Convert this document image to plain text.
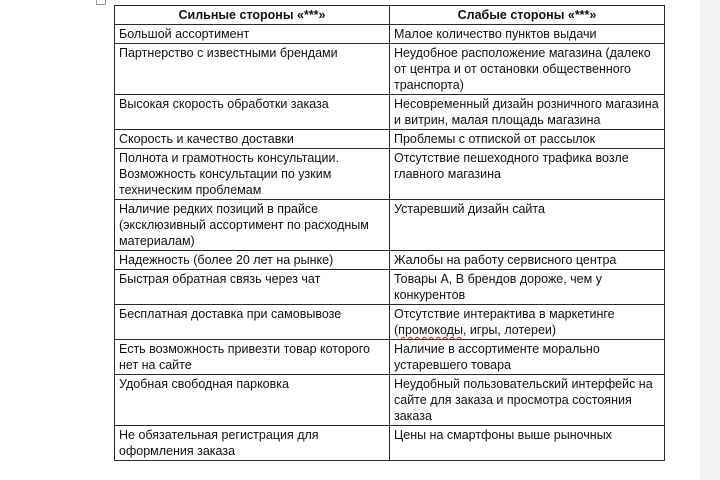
Сильные стороны «***»	Слабые стороны «***»
Большой ассортимент	Малое количество пунктов выдачи
Партнерство с известными брендами	Неудобное расположение магазина (далеко от центра и от остановки общественного транспорта)
Высокая скорость обработки заказа	Несовременный дизайн розничного магазина и витрин, малая площадь магазина
Скорость и качество доставки	Проблемы с отпиской от рассылок
Полнота и грамотность консультации. Возможность консультации по узким техническим проблемам	Отсутствие пешеходного трафика возле главного магазина
Наличие редких позиций в прайсе (эксклюзивный ассортимент по расходным материалам)	Устаревший дизайн сайта
Надежность (более 20 лет на рынке)	Жалобы на работу сервисного центра
Быстрая обратная связь через чат	Товары А, В брендов дороже, чем у конкурентов
Бесплатная доставка при самовывозе	Отсутствие интерактива в маркетинге (промокоды, игры, лотереи)
Есть возможность привезти товар которого нет на сайте	Наличие в ассортименте морально устаревшего товара
Удобная свободная парковка	Неудобный пользовательский интерфейс на сайте для заказа и просмотра состояния заказа
Не обязательная регистрация для оформления заказа	Цены на смартфоны выше рыночных
